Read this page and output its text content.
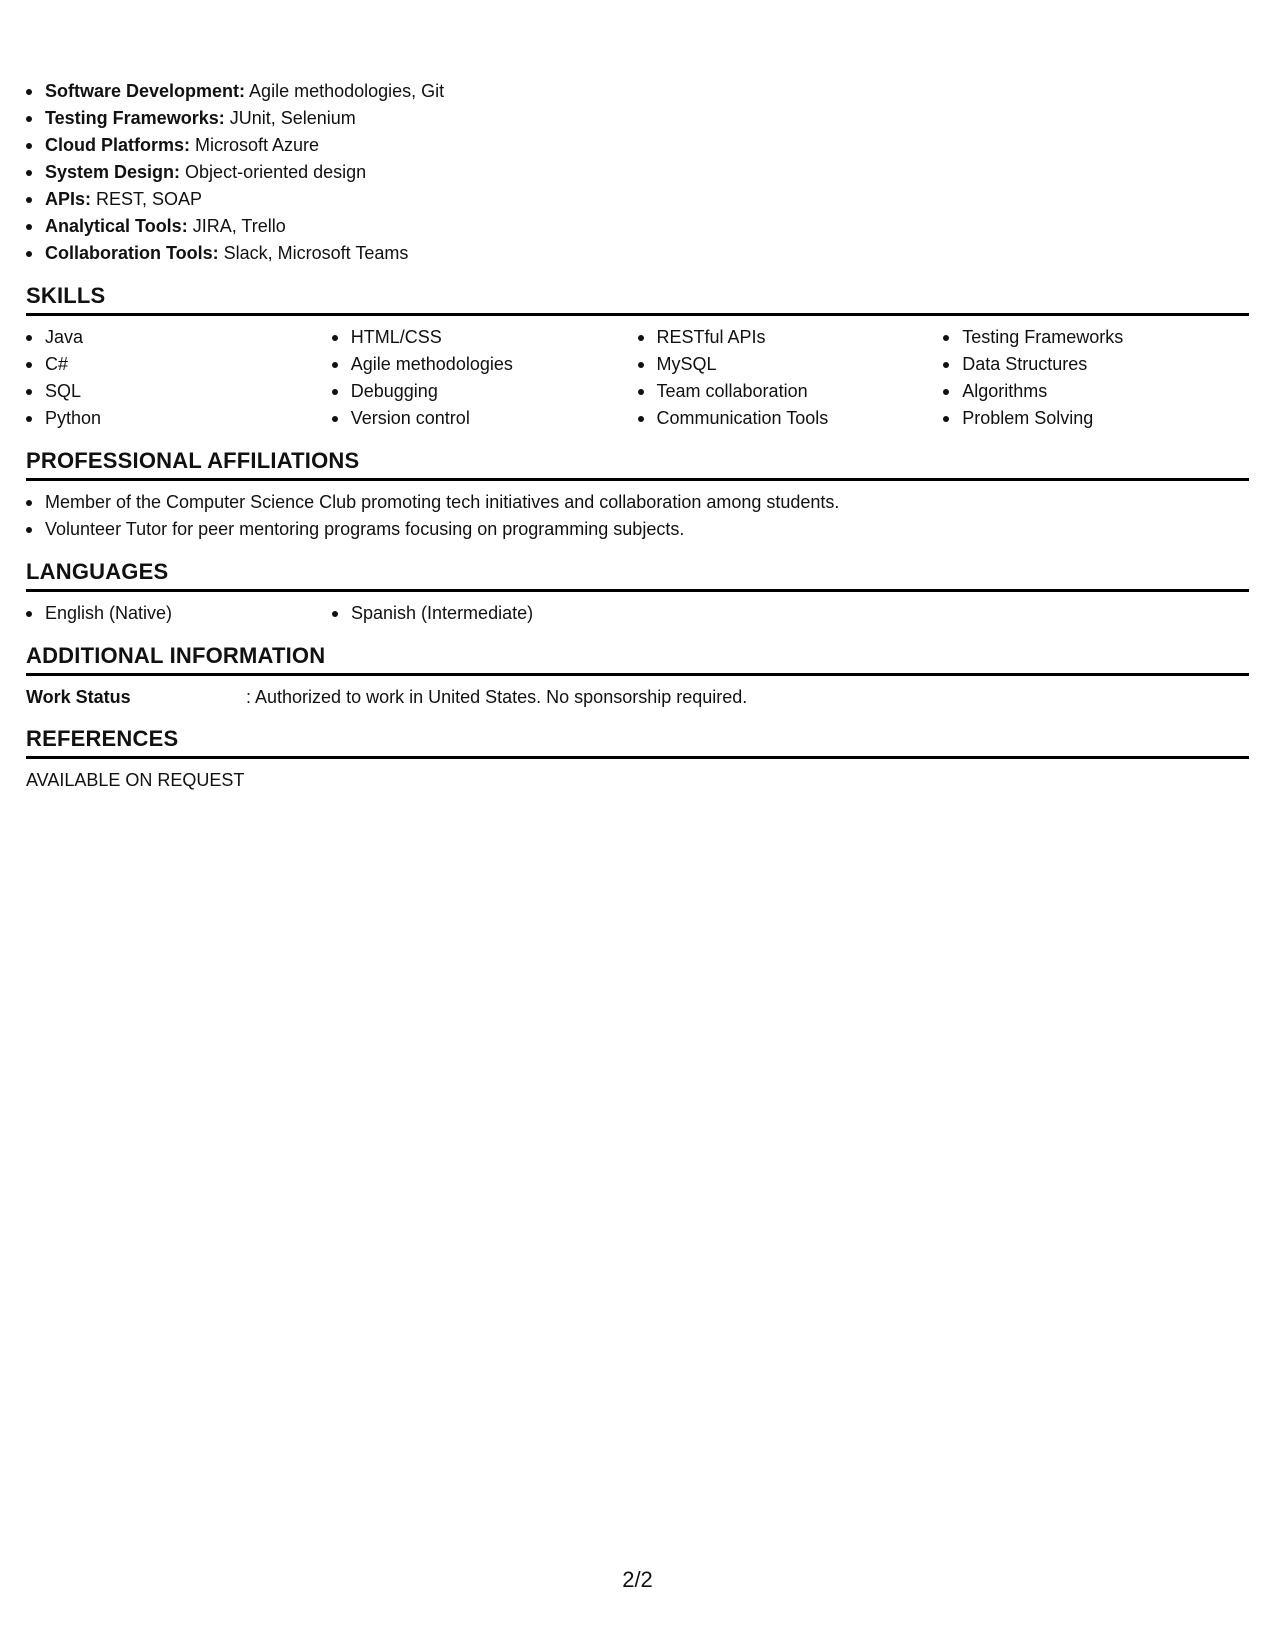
Software Development: Agile methodologies, Git
Testing Frameworks: JUnit, Selenium
Cloud Platforms: Microsoft Azure
System Design: Object-oriented design
APIs: REST, SOAP
Analytical Tools: JIRA, Trello
Collaboration Tools: Slack, Microsoft Teams
SKILLS
Java
C#
SQL
Python
HTML/CSS
Agile methodologies
Debugging
Version control
RESTful APIs
MySQL
Team collaboration
Communication Tools
Testing Frameworks
Data Structures
Algorithms
Problem Solving
PROFESSIONAL AFFILIATIONS
Member of the Computer Science Club promoting tech initiatives and collaboration among students.
Volunteer Tutor for peer mentoring programs focusing on programming subjects.
LANGUAGES
English (Native)	Spanish (Intermediate)
ADDITIONAL INFORMATION
Work Status	: Authorized to work in United States. No sponsorship required.
REFERENCES
AVAILABLE ON REQUEST
2/2
